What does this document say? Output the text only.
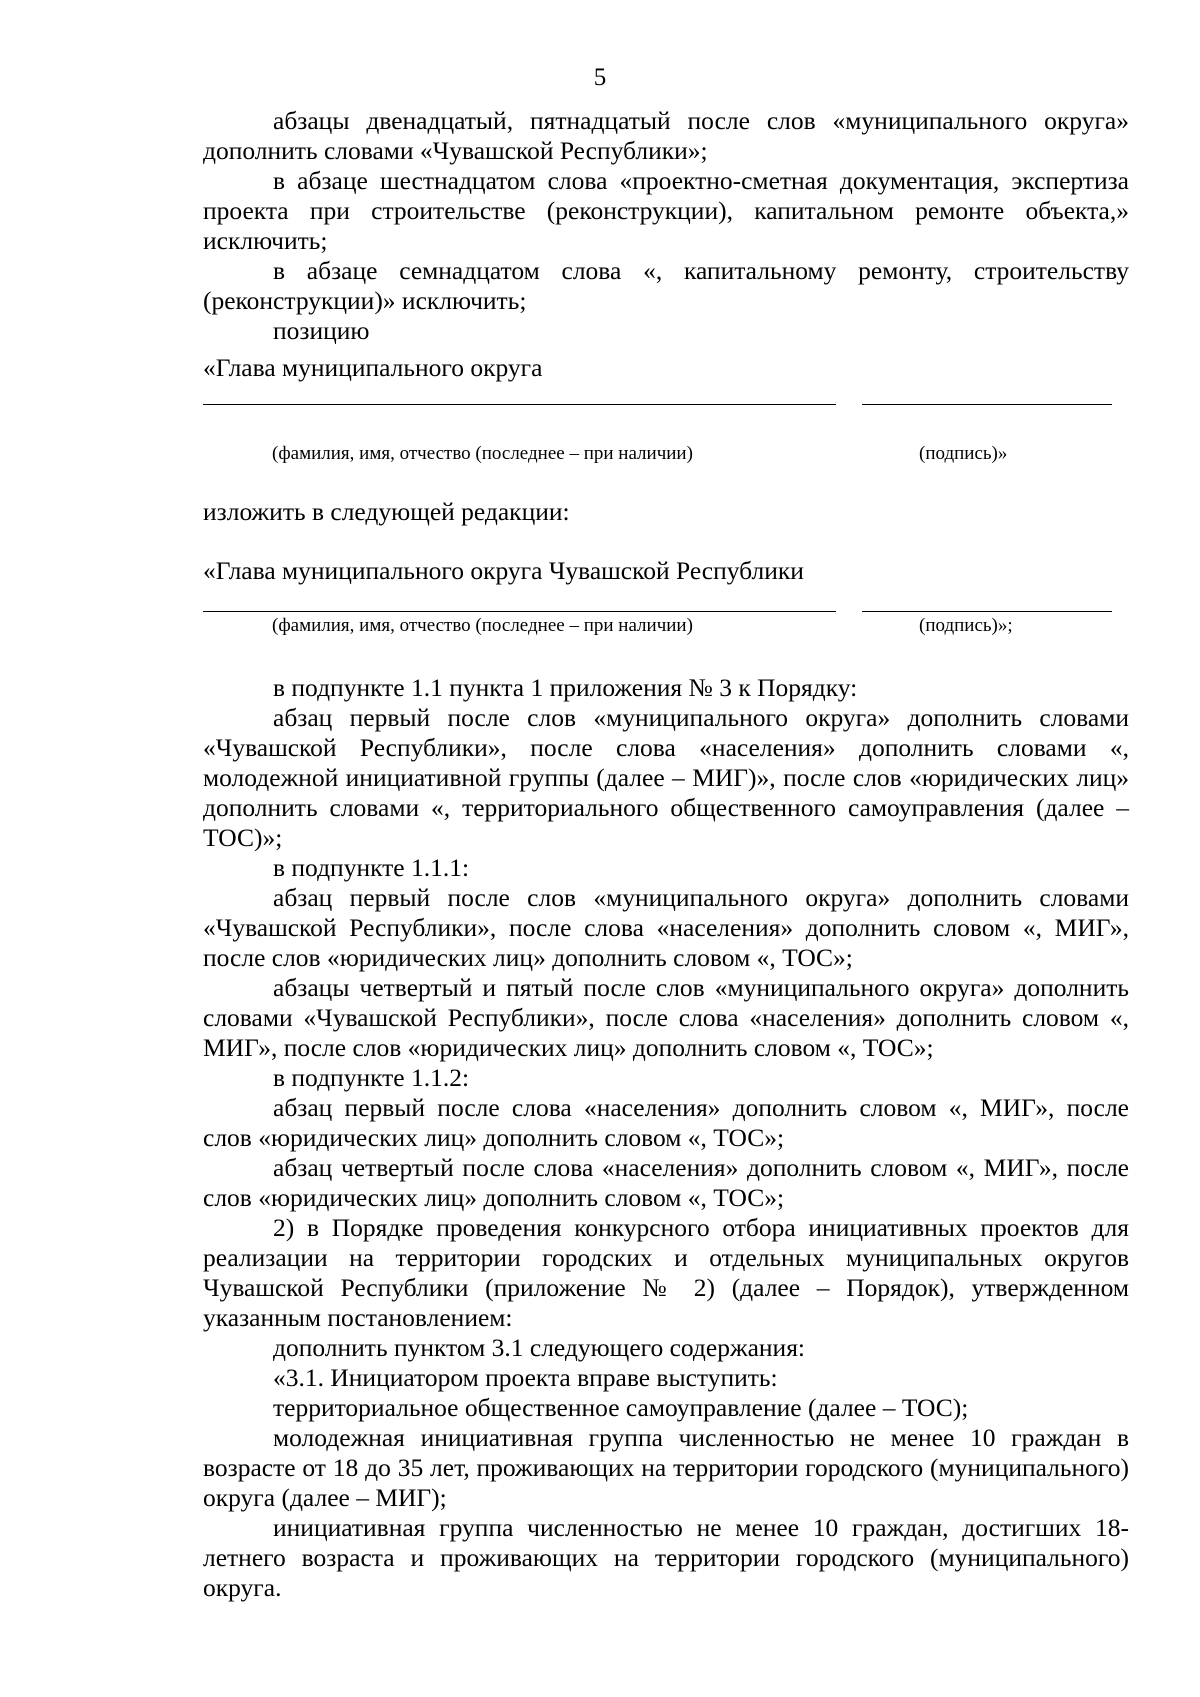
5

абзацы двенадцатый, пятнадцатый после слов «муниципального округа» дополнить словами «Чувашской Республики»;

в абзаце шестнадцатом слова «проектно-сметная документация, экспертиза проекта при строительстве (реконструкции), капитальном ремонте объекта,» исключить;

в абзаце семнадцатом слова «, капитальному ремонту, строительству (реконструкции)» исключить;

позицию

«Глава муниципального округа

(фамилия, имя, отчество (последнее – при наличии)	(подпись)»

изложить в следующей редакции:

«Глава муниципального округа Чувашской Республики

(фамилия, имя, отчество (последнее – при наличии)	(подпись)»;

в подпункте 1.1 пункта 1 приложения № 3 к Порядку:

абзац первый после слов «муниципального округа» дополнить словами «Чувашской Республики», после слова «населения» дополнить словами «, молодежной инициативной группы (далее – МИГ)», после слов «юридических лиц» дополнить словами «, территориального общественного самоуправления (далее – ТОС)»;

в подпункте 1.1.1:

абзац первый после слов «муниципального округа» дополнить словами «Чувашской Республики», после слова «населения» дополнить словом «, МИГ», после слов «юридических лиц» дополнить словом «, ТОС»;

абзацы четвертый и пятый после слов «муниципального округа» дополнить словами «Чувашской Республики», после слова «населения» дополнить словом «, МИГ», после слов «юридических лиц» дополнить словом «, ТОС»;

в подпункте 1.1.2:

абзац первый после слова «населения» дополнить словом «, МИГ», после слов «юридических лиц» дополнить словом «, ТОС»;

абзац четвертый после слова «населения» дополнить словом «, МИГ», после слов «юридических лиц» дополнить словом «, ТОС»;

2) в Порядке проведения конкурсного отбора инициативных проектов для реализации на территории городских и отдельных муниципальных округов Чувашской Республики (приложение № 2) (далее – Порядок), утвержденном указанным постановлением:

дополнить пунктом 3.1 следующего содержания:

«3.1. Инициатором проекта вправе выступить:

территориальное общественное самоуправление (далее – ТОС);

молодежная инициативная группа численностью не менее 10 граждан в возрасте от 18 до 35 лет, проживающих на территории городского (муниципального) округа (далее – МИГ);

инициативная группа численностью не менее 10 граждан, достигших 18-летнего возраста и проживающих на территории городского (муниципального) округа.
